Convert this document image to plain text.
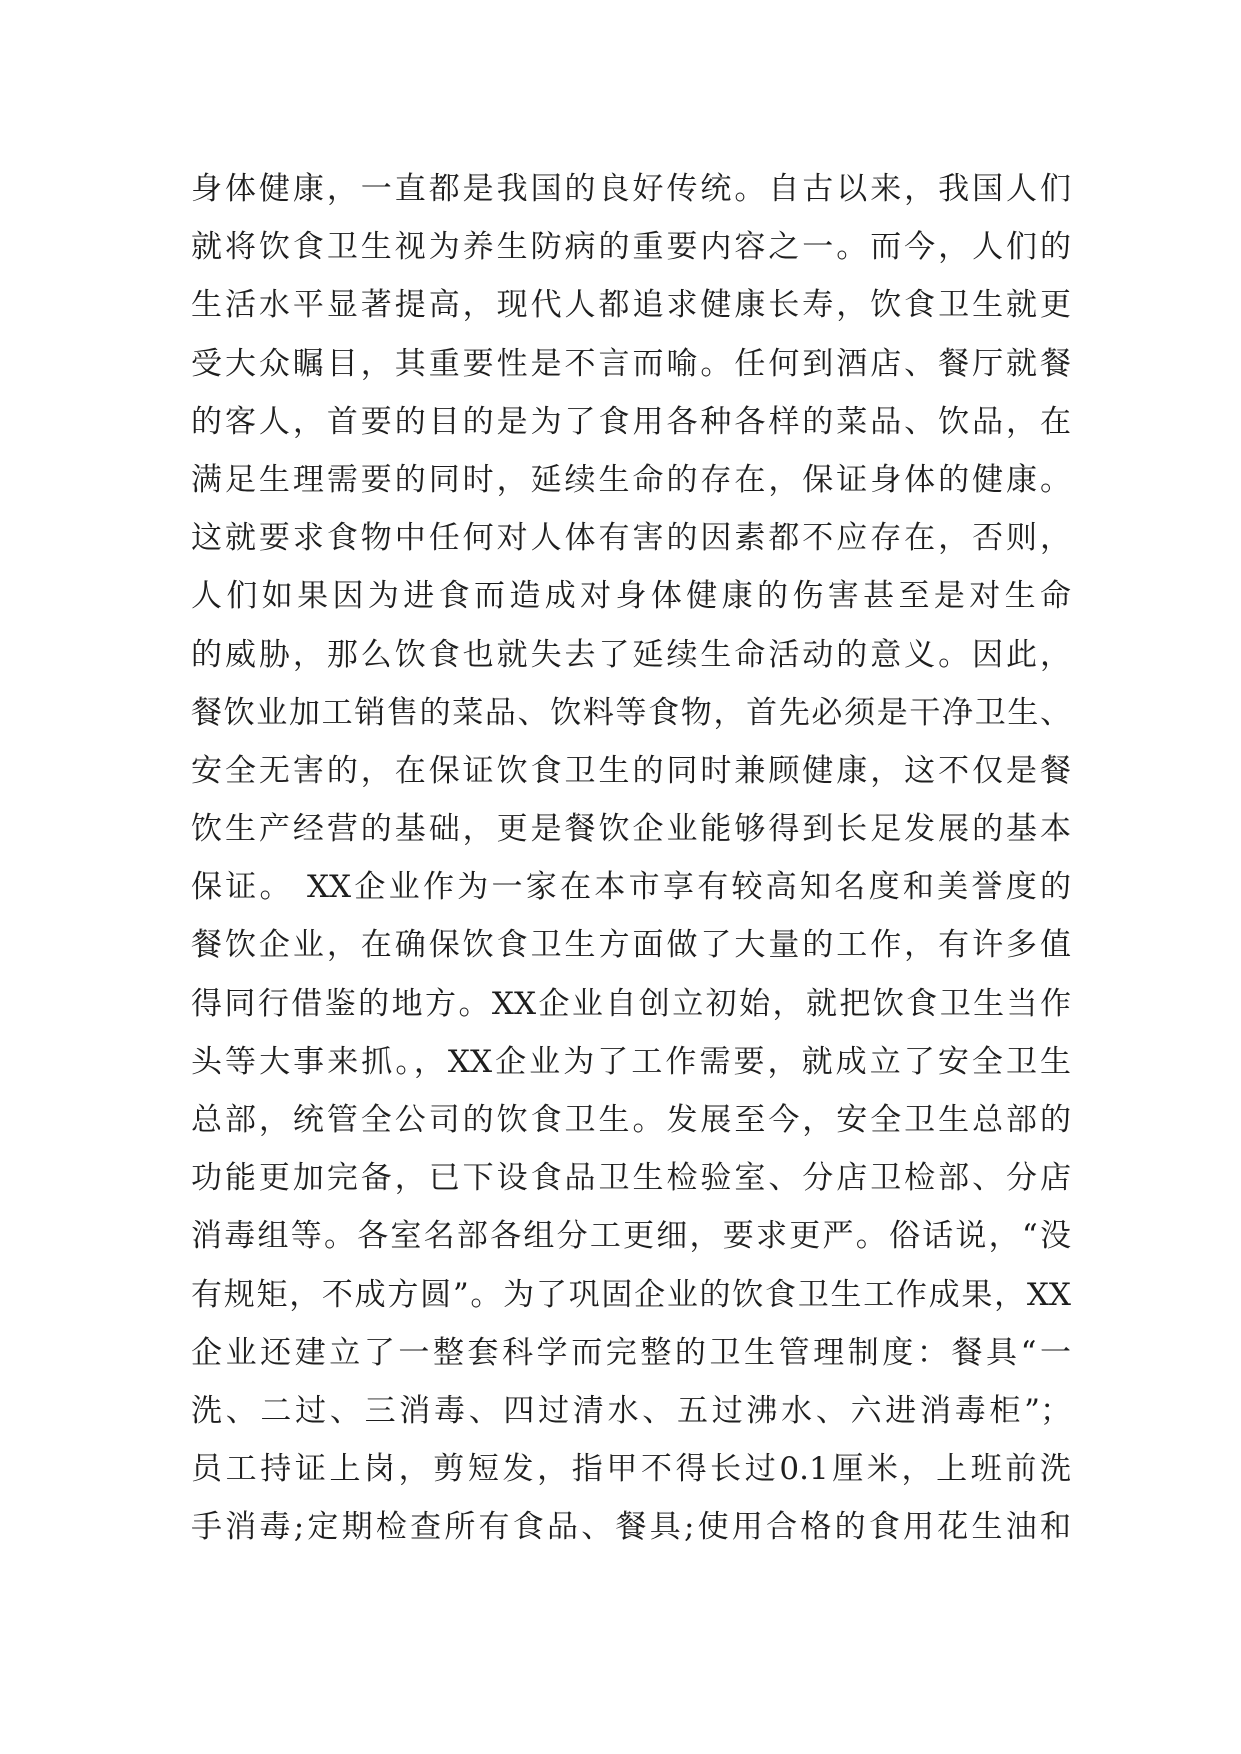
身体健康，一直都是我国的良好传统。自古以来，我国人们
就将饮食卫生视为养生防病的重要内容之一。而今，人们的
生活水平显著提高，现代人都追求健康长寿，饮食卫生就更
受大众瞩目，其重要性是不言而喻。任何到酒店、餐厅就餐
的客人，首要的目的是为了食用各种各样的菜品、饮品，在
满足生理需要的同时，延续生命的存在，保证身体的健康。
这就要求食物中任何对人体有害的因素都不应存在，否则，
人们如果因为进食而造成对身体健康的伤害甚至是对生命
的威胁，那么饮食也就失去了延续生命活动的意义。因此，
餐饮业加工销售的菜品、饮料等食物，首先必须是干净卫生、
安全无害的，在保证饮食卫生的同时兼顾健康，这不仅是餐
饮生产经营的基础，更是餐饮企业能够得到长足发展的基本
保证。 XX企业作为一家在本市享有较高知名度和美誉度的
餐饮企业，在确保饮食卫生方面做了大量的工作，有许多值
得同行借鉴的地方。XX企业自创立初始，就把饮食卫生当作
头等大事来抓。，XX企业为了工作需要，就成立了安全卫生
总部，统管全公司的饮食卫生。发展至今，安全卫生总部的
功能更加完备，已下设食品卫生检验室、分店卫检部、分店
消毒组等。各室名部各组分工更细，要求更严。俗话说，“没
有规矩，不成方圆”。为了巩固企业的饮食卫生工作成果，XX
企业还建立了一整套科学而完整的卫生管理制度：餐具“一
洗、二过、三消毒、四过清水、五过沸水、六进消毒柜”；
员工持证上岗，剪短发，指甲不得长过0.1厘米，上班前洗
手消毒;定期检查所有食品、餐具;使用合格的食用花生油和
